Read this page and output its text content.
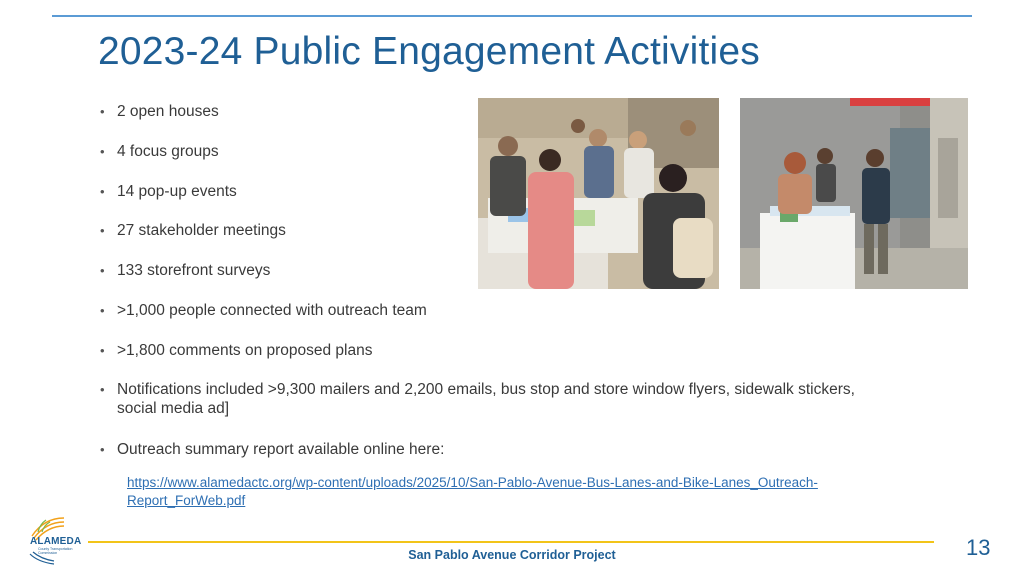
2023-24 Public Engagement Activities
• 2 open houses
• 4 focus groups
• 14 pop-up events
• 27 stakeholder meetings
• 133 storefront surveys
• >1,000 people connected with outreach team
• >1,800 comments on proposed plans
• Notifications included >9,300 mailers and 2,200 emails, bus stop and store window flyers, sidewalk stickers, social media ad]
• Outreach summary report available online here:
https://www.alamedactc.org/wp-content/uploads/2025/10/San-Pablo-Avenue-Bus-Lanes-and-Bike-Lanes_Outreach-Report_ForWeb.pdf
ALAMEDA
County Transportation Commission	San Pablo Avenue Corridor Project	13
